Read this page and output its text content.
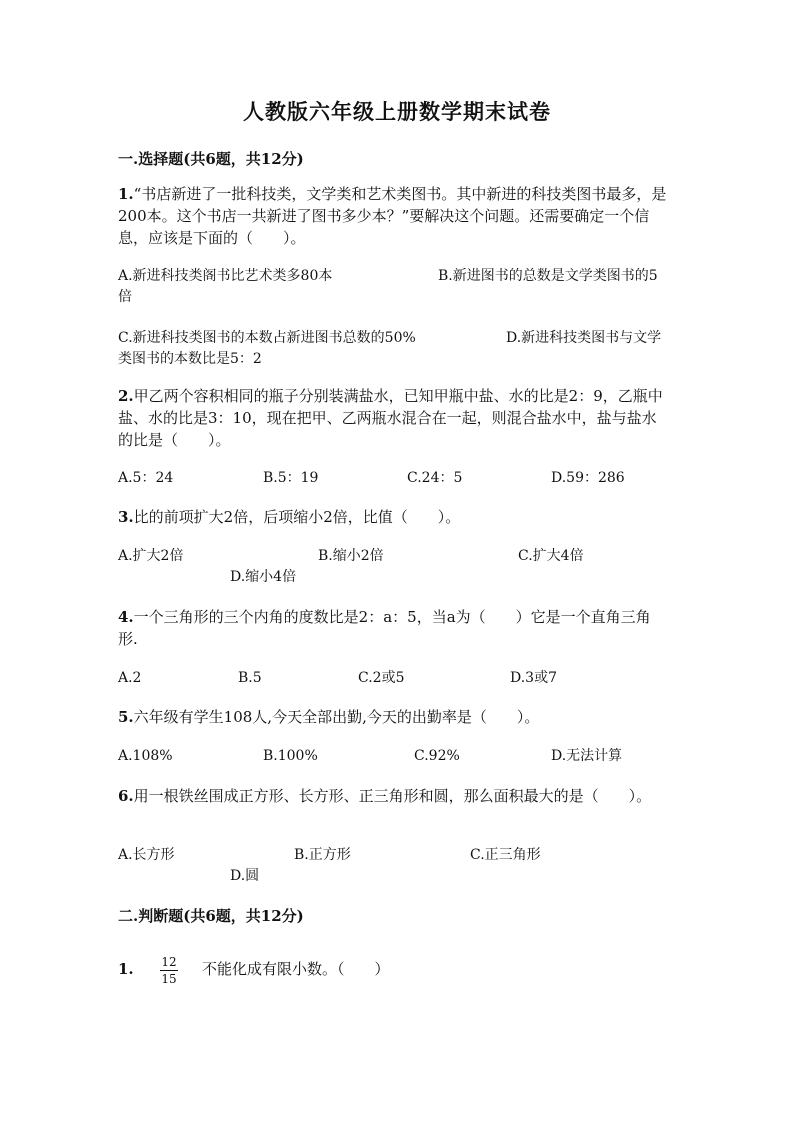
人教版六年级上册数学期末试卷
一.选择题(共6题，共12分)
1.“书店新进了一批科技类，文学类和艺术类图书。其中新进的科技类图书最多，是200本。这个书店一共新进了图书多少本？”要解决这个问题。还需要确定一个信息，应该是下面的（　　）。
A.新进科技类阁书比艺术类多80本	B.新进图书的总数是文学类图书的5倍
C.新进科技类图书的本数占新进图书总数的50%	D.新进科技类图书与文学类图书的本数比是5：2
2.甲乙两个容积相同的瓶子分别装满盐水，已知甲瓶中盐、水的比是2：9，乙瓶中盐、水的比是3：10，现在把甲、乙两瓶水混合在一起，则混合盐水中，盐与盐水的比是（　　）。
A.5：24	B.5：19	C.24：5	D.59：286
3.比的前项扩大2倍，后项缩小2倍，比值（　　）。
A.扩大2倍	B.缩小2倍	C.扩大4倍
D.缩小4倍
4.一个三角形的三个内角的度数比是2：a：5，当a为（　　）它是一个直角三角形.
A.2	B.5	C.2或5	D.3或7
5.六年级有学生108人,今天全部出勤,今天的出勤率是（　　）。
A.108%	B.100%	C.92%	D.无法计算
6.用一根铁丝围成正方形、长方形、正三角形和圆，那么面积最大的是（　　）。
A.长方形	B.正方形	C.正三角形
D.圆
二.判断题(共6题，共12分)
1.	12
15
不能化成有限小数。（　　）
